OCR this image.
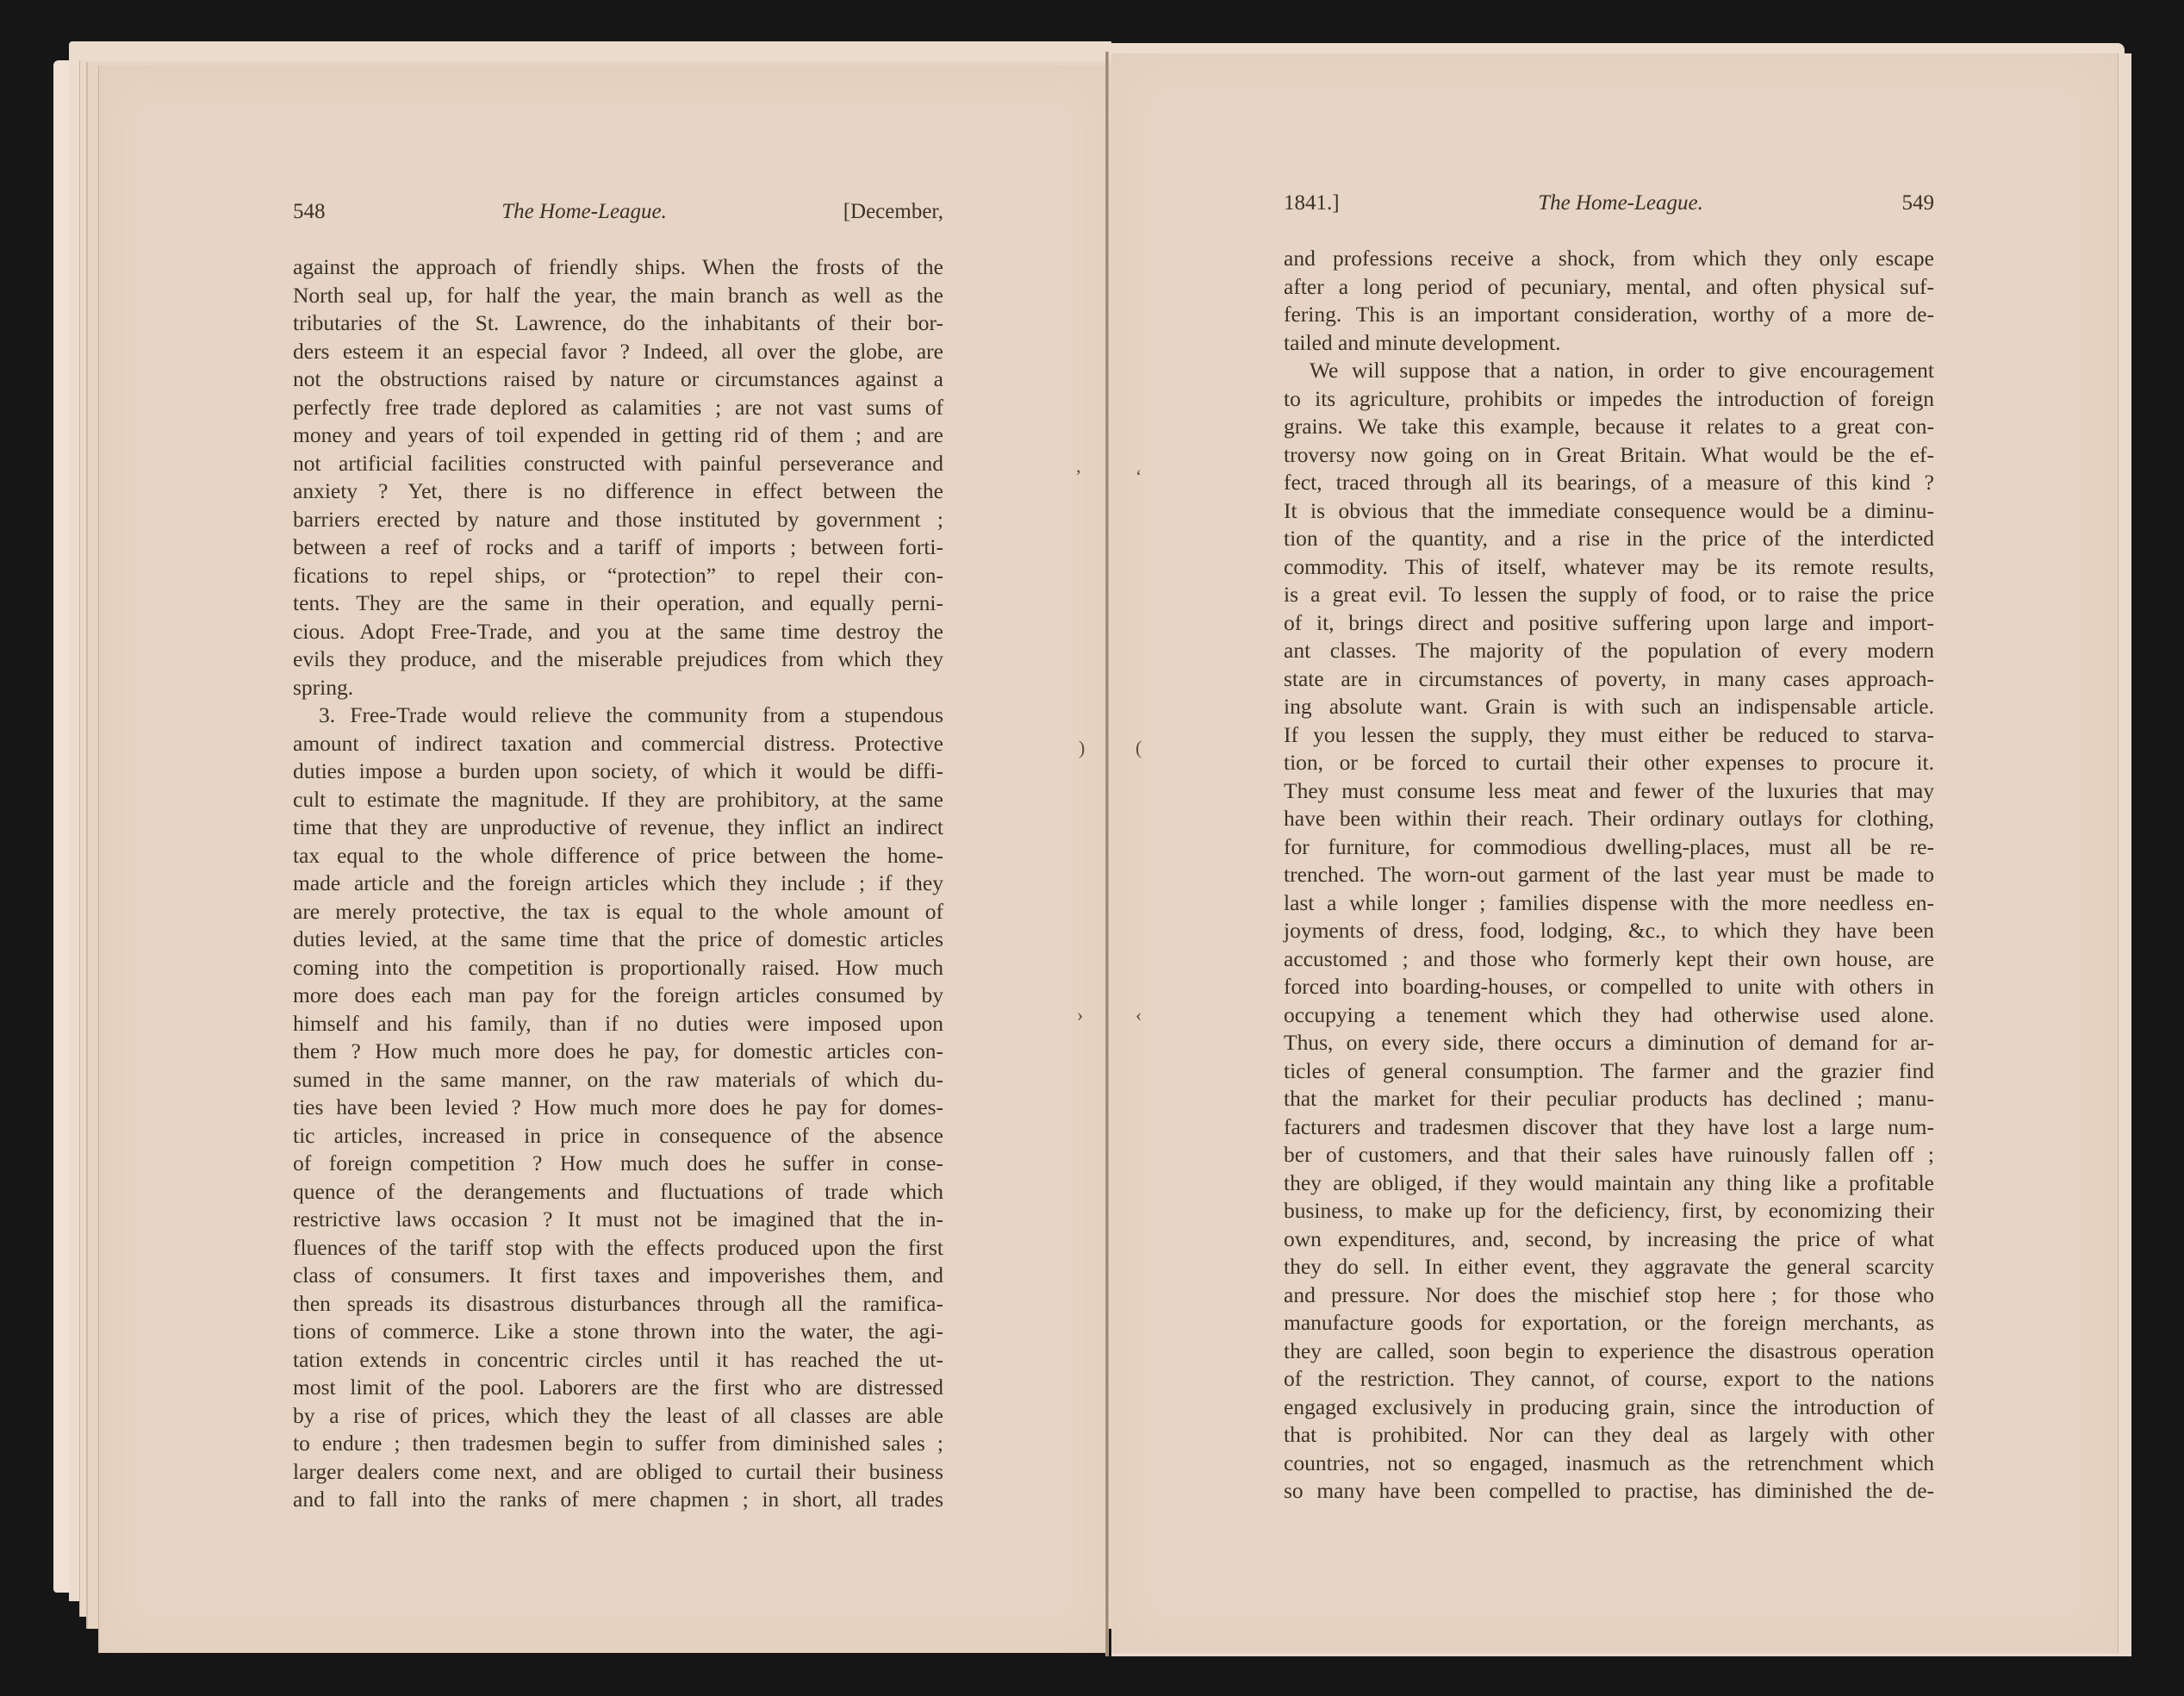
’	‘
)	(
›	‹
548	The Home-League.	[December,
against the approach of friendly ships. When the frosts of the
North seal up, for half the year, the main branch as well as the
tributaries of the St. Lawrence, do the inhabitants of their bor-
ders esteem it an especial favor ? Indeed, all over the globe, are
not the obstructions raised by nature or circumstances against a
perfectly free trade deplored as calamities ; are not vast sums of
money and years of toil expended in getting rid of them ; and are
not artificial facilities constructed with painful perseverance and
anxiety ? Yet, there is no difference in effect between the
barriers erected by nature and those instituted by government ;
between a reef of rocks and a tariff of imports ; between forti-
fications to repel ships, or “protection” to repel their con-
tents. They are the same in their operation, and equally perni-
cious. Adopt Free-Trade, and you at the same time destroy the
evils they produce, and the miserable prejudices from which they
spring.
3. Free-Trade would relieve the community from a stupendous
amount of indirect taxation and commercial distress. Protective
duties impose a burden upon society, of which it would be diffi-
cult to estimate the magnitude. If they are prohibitory, at the same
time that they are unproductive of revenue, they inflict an indirect
tax equal to the whole difference of price between the home-
made article and the foreign articles which they include ; if they
are merely protective, the tax is equal to the whole amount of
duties levied, at the same time that the price of domestic articles
coming into the competition is proportionally raised. How much
more does each man pay for the foreign articles consumed by
himself and his family, than if no duties were imposed upon
them ? How much more does he pay, for domestic articles con-
sumed in the same manner, on the raw materials of which du-
ties have been levied ? How much more does he pay for domes-
tic articles, increased in price in consequence of the absence
of foreign competition ? How much does he suffer in conse-
quence of the derangements and fluctuations of trade which
restrictive laws occasion ? It must not be imagined that the in-
fluences of the tariff stop with the effects produced upon the first
class of consumers. It first taxes and impoverishes them, and
then spreads its disastrous disturbances through all the ramifica-
tions of commerce. Like a stone thrown into the water, the agi-
tation extends in concentric circles until it has reached the ut-
most limit of the pool. Laborers are the first who are distressed
by a rise of prices, which they the least of all classes are able
to endure ; then tradesmen begin to suffer from diminished sales ;
larger dealers come next, and are obliged to curtail their business
and to fall into the ranks of mere chapmen ; in short, all trades
1841.]	The Home-League.	549
and professions receive a shock, from which they only escape
after a long period of pecuniary, mental, and often physical suf-
fering. This is an important consideration, worthy of a more de-
tailed and minute development.
We will suppose that a nation, in order to give encouragement
to its agriculture, prohibits or impedes the introduction of foreign
grains. We take this example, because it relates to a great con-
troversy now going on in Great Britain. What would be the ef-
fect, traced through all its bearings, of a measure of this kind ?
It is obvious that the immediate consequence would be a diminu-
tion of the quantity, and a rise in the price of the interdicted
commodity. This of itself, whatever may be its remote results,
is a great evil. To lessen the supply of food, or to raise the price
of it, brings direct and positive suffering upon large and import-
ant classes. The majority of the population of every modern
state are in circumstances of poverty, in many cases approach-
ing absolute want. Grain is with such an indispensable article.
If you lessen the supply, they must either be reduced to starva-
tion, or be forced to curtail their other expenses to procure it.
They must consume less meat and fewer of the luxuries that may
have been within their reach. Their ordinary outlays for clothing,
for furniture, for commodious dwelling-places, must all be re-
trenched. The worn-out garment of the last year must be made to
last a while longer ; families dispense with the more needless en-
joyments of dress, food, lodging, &c., to which they have been
accustomed ; and those who formerly kept their own house, are
forced into boarding-houses, or compelled to unite with others in
occupying a tenement which they had otherwise used alone.
Thus, on every side, there occurs a diminution of demand for ar-
ticles of general consumption. The farmer and the grazier find
that the market for their peculiar products has declined ; manu-
facturers and tradesmen discover that they have lost a large num-
ber of customers, and that their sales have ruinously fallen off ;
they are obliged, if they would maintain any thing like a profitable
business, to make up for the deficiency, first, by economizing their
own expenditures, and, second, by increasing the price of what
they do sell. In either event, they aggravate the general scarcity
and pressure. Nor does the mischief stop here ; for those who
manufacture goods for exportation, or the foreign merchants, as
they are called, soon begin to experience the disastrous operation
of the restriction. They cannot, of course, export to the nations
engaged exclusively in producing grain, since the introduction of
that is prohibited. Nor can they deal as largely with other
countries, not so engaged, inasmuch as the retrenchment which
so many have been compelled to practise, has diminished the de-
